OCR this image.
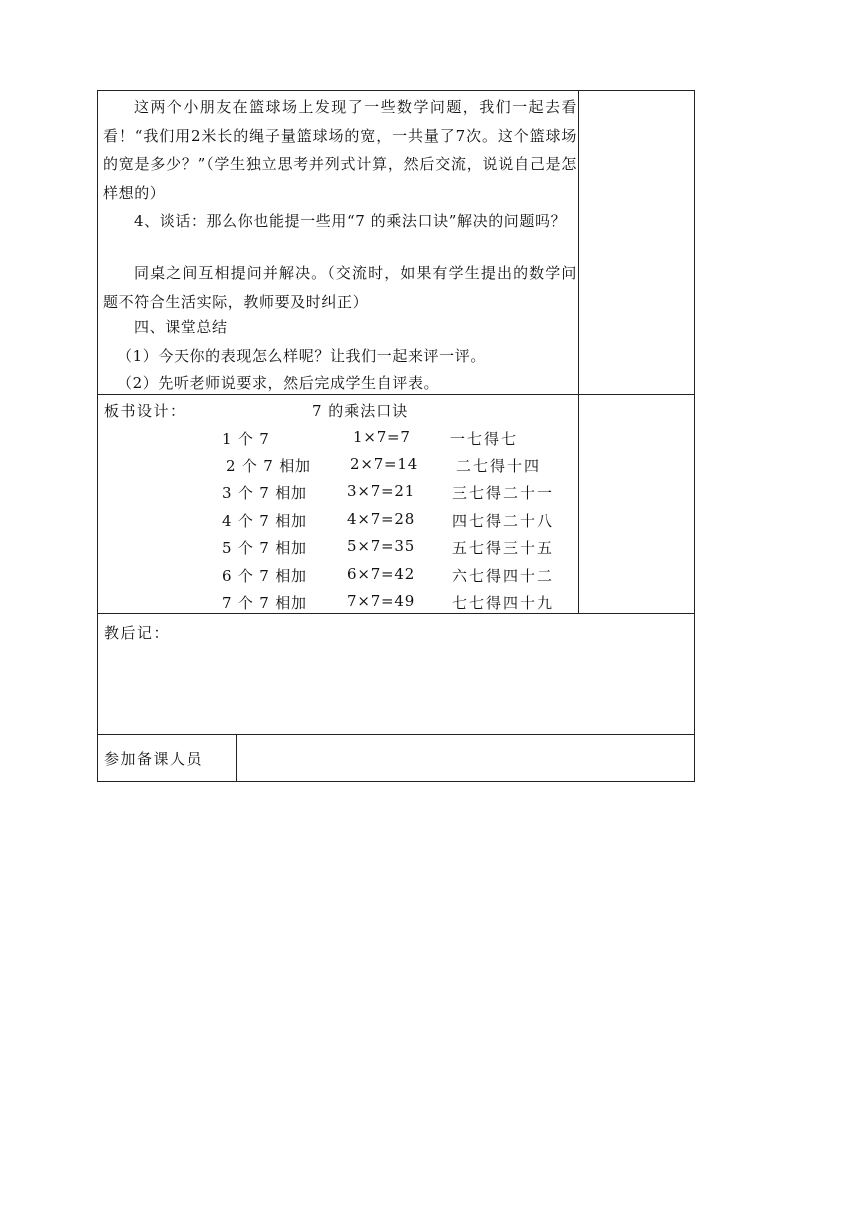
这两个小朋友在篮球场上发现了一些数学问题，我们一起去看看！“我们用2米长的绳子量篮球场的宽，一共量了7次。这个篮球场的宽是多少？”（学生独立思考并列式计算，然后交流，说说自己是怎样想的）

4、谈话：那么你也能提一些用“7 的乘法口诀”解决的问题吗？

同桌之间互相提问并解决。（交流时，如果有学生提出的数学问题不符合生活实际，教师要及时纠正）

四、课堂总结

（1）今天你的表现怎么样呢？让我们一起来评一评。

（2）先听老师说要求，然后完成学生自评表。

板书设计：	7 的乘法口诀
1 个 7	1×7=7	一七得七
2 个 7 相加	2×7=14	二七得十四
3 个 7 相加	3×7=21 三七得二十一
4 个 7 相加	4×7=28 四七得二十八
5 个 7 相加	5×7=35 五七得三十五
6 个 7 相加	6×7=42 六七得四十二
7 个 7 相加	7×7=49 七七得四十九
教后记：
参加备课人员
